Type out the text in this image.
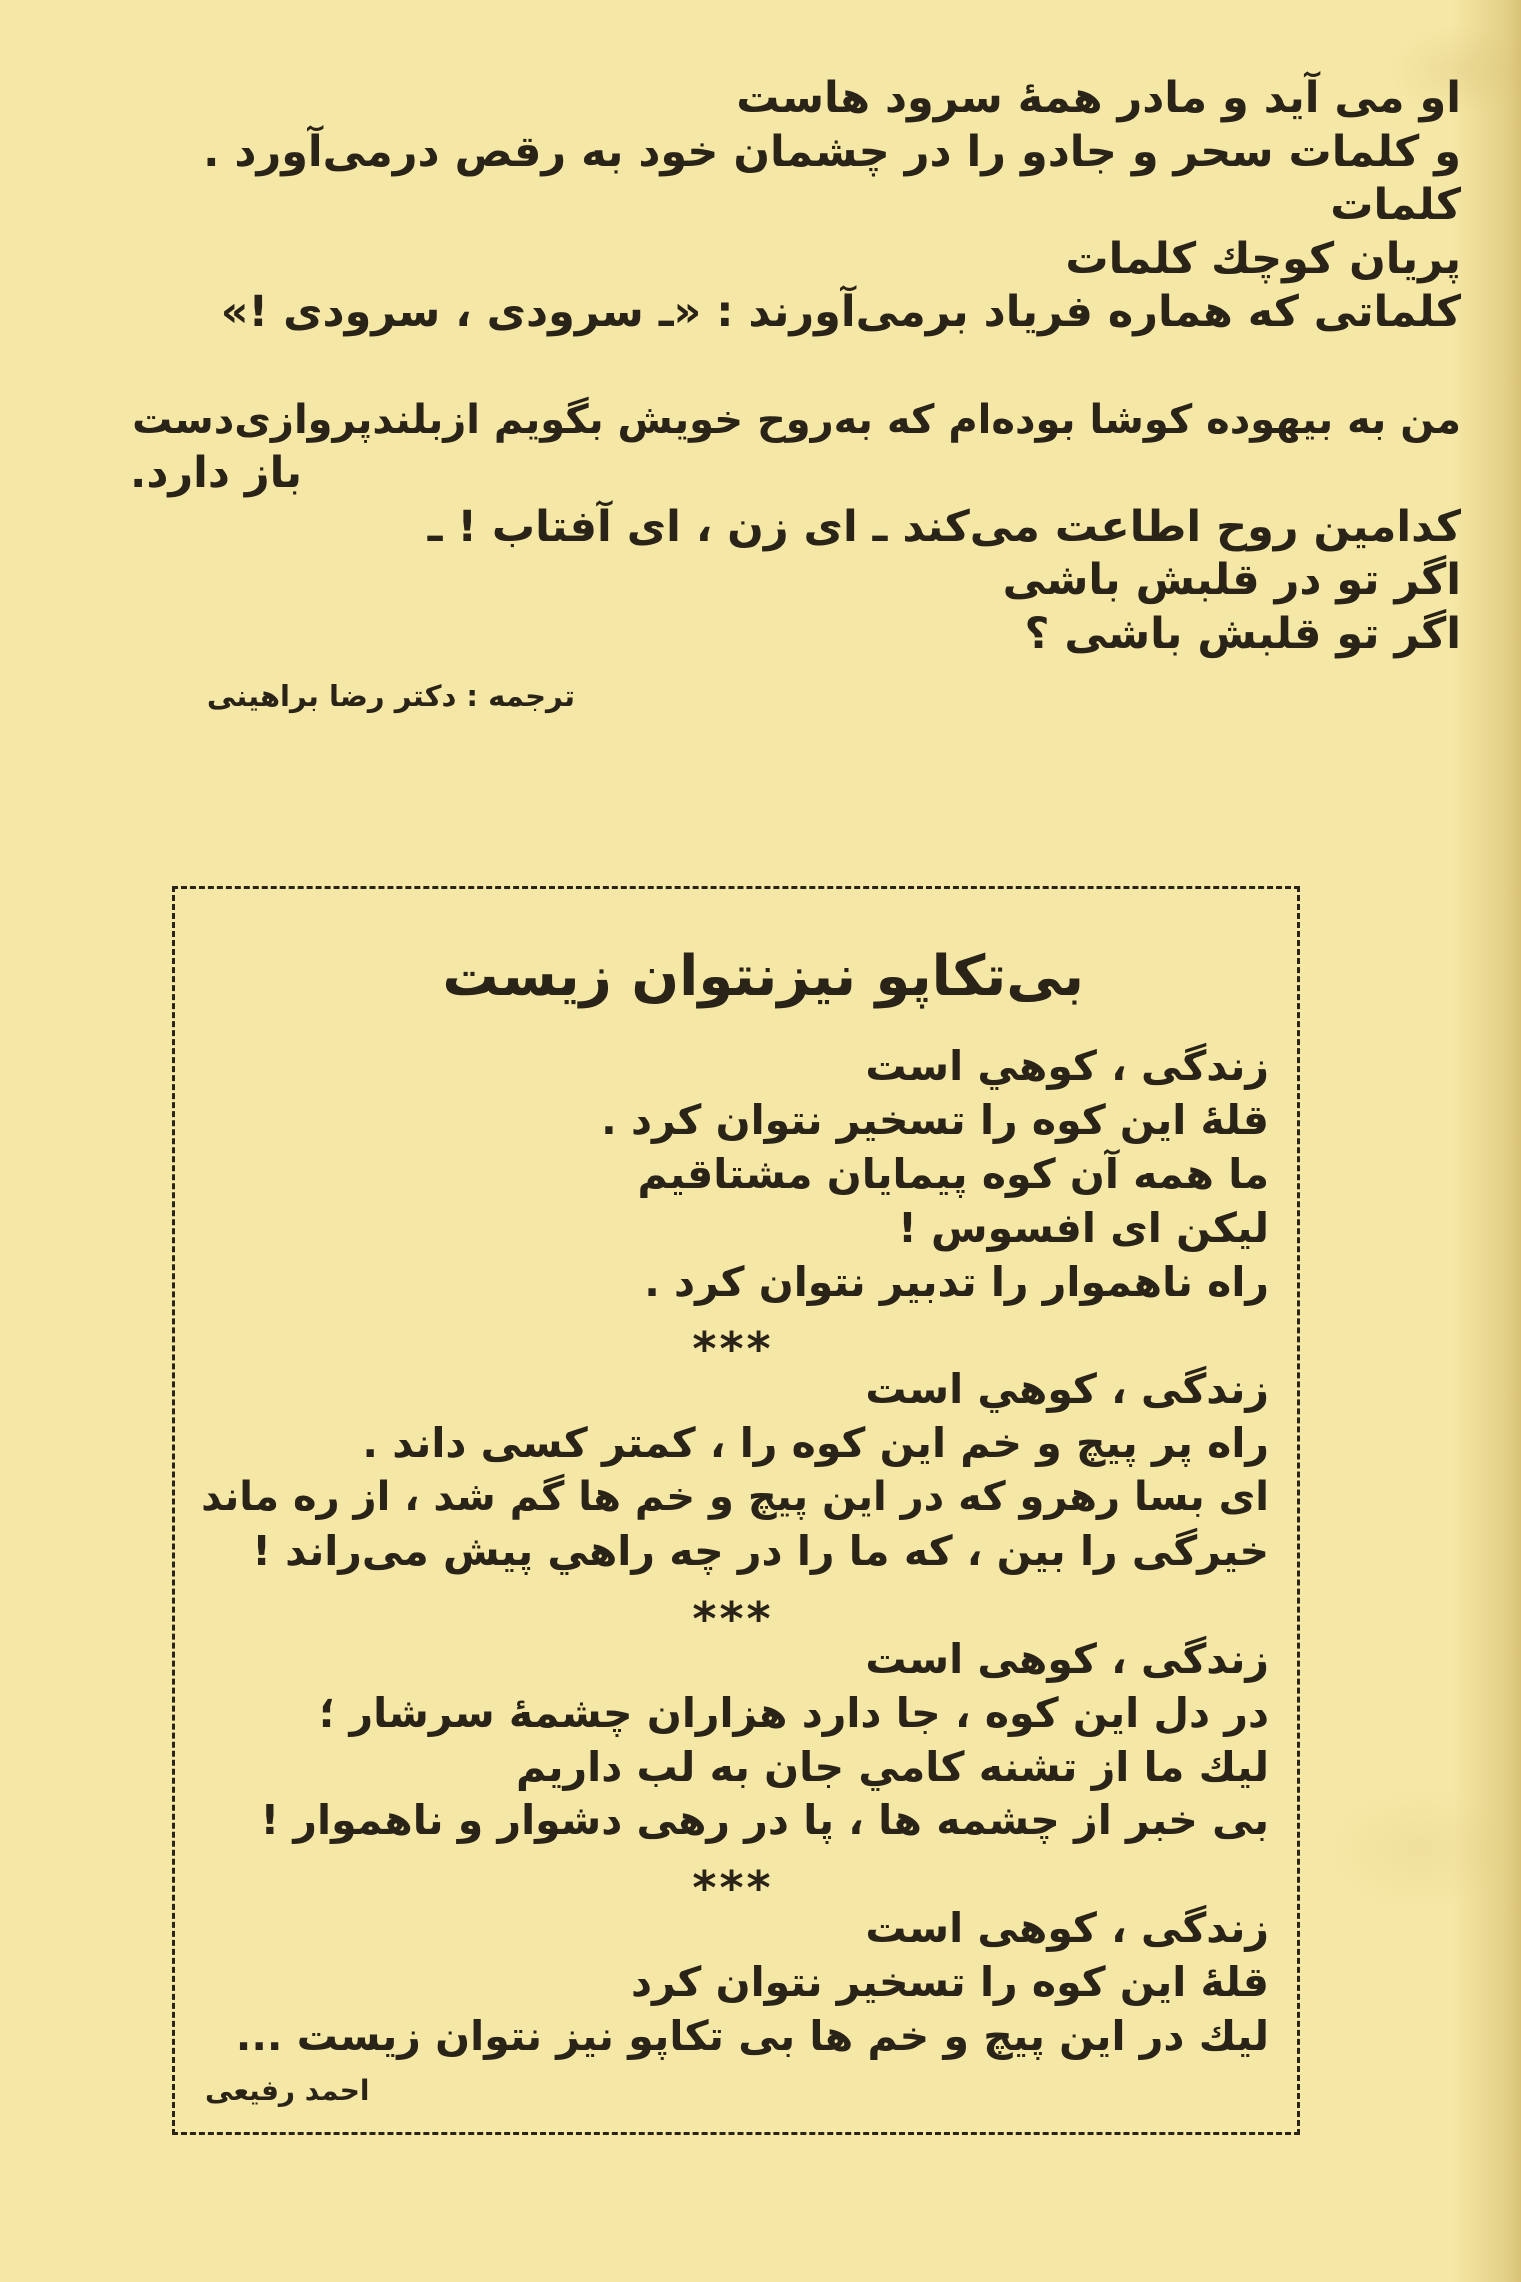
او می آید و مادر همهٔ سرود هاست
و کلمات سحر و جادو را در چشمان خود به رقص درمی‌آورد .
کلمات
پریان کوچك کلمات
کلماتی که هماره فریاد برمی‌آورند : «ـ سرودی ، سرودی !»
من به بیهوده کوشا بوده‌ام که به‌روح خویش بگویم ازبلندپروازی‌دست
باز دارد.
کدامین روح اطاعت می‌کند ـ ای زن ، ای آفتاب ! ـ
اگر تو در قلبش باشی
اگر تو قلبش باشی ؟
ترجمه : دکتر رضا براهینی
بی‌تکاپو نیزنتوان زیست
زندگی ، کوهي است
قلهٔ این کوه را تسخیر نتوان کرد .
ما همه آن کوه پیمایان مشتاقیم
لیکن ای افسوس !
راه ناهموار را تدبیر نتوان کرد .
***
زندگی ، کوهي است
راه پر پیچ و خم این کوه را ، کمتر کسی داند .
ای بسا رهرو که در این پیچ و خم ها گم شد ، از ره ماند
خیرگی را بین ، که ما را در چه راهي پیش می‌راند !
***
زندگی ، کوهی است
در دل این کوه ، جا دارد هزاران چشمهٔ سرشار ؛
لیك ما از تشنه کامي جان به لب داریم
بی خبر از چشمه ها ، پا در رهی دشوار و ناهموار !
***
زندگی ، کوهی است
قلهٔ این کوه را تسخیر نتوان کرد
لیك در این پیچ و خم ها بی تکاپو نیز نتوان زیست ...
احمد رفیعی
